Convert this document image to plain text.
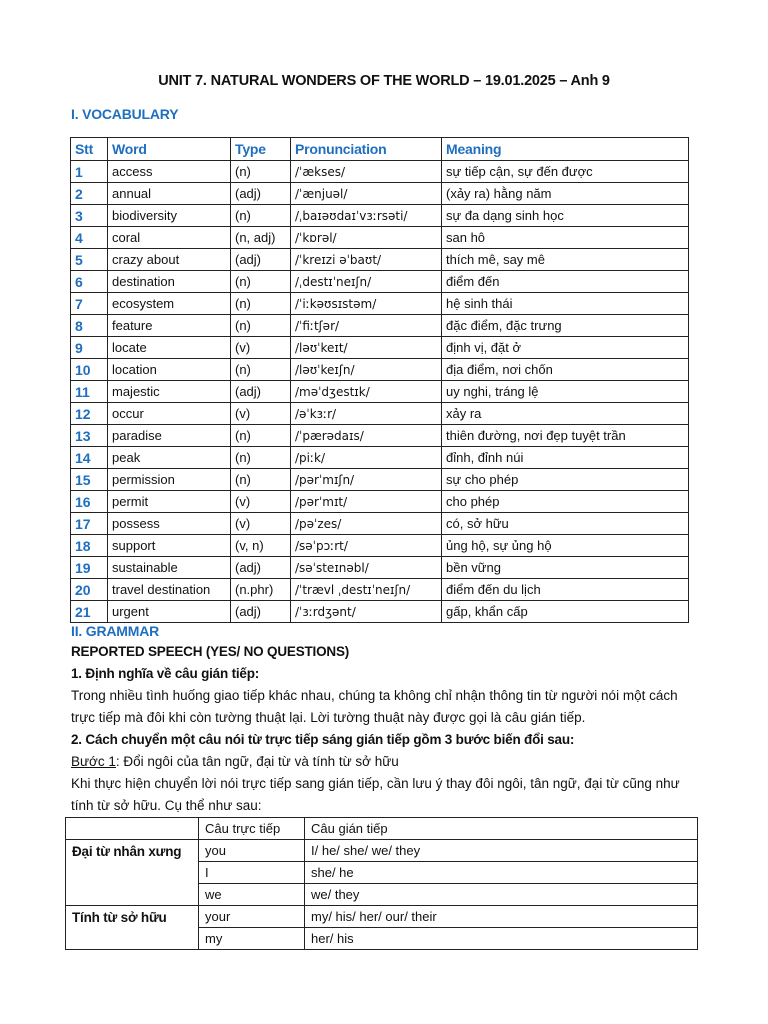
UNIT 7. NATURAL WONDERS OF THE WORLD – 19.01.2025 – Anh 9
I. VOCABULARY
Stt	Word	Type	Pronunciation	Meaning
1	access	(n)	/ˈækses/	sự tiếp cận, sự đến được
2	annual	(adj)	/ˈænjuəl/	(xảy ra) hằng năm
3	biodiversity	(n)	/ˌbaɪəʊdaɪˈvɜːrsəti/	sự đa dạng sinh học
4	coral	(n, adj)	/ˈkɒrəl/	san hô
5	crazy about	(adj)	/ˈkreɪzi əˈbaʊt/	thích mê, say mê
6	destination	(n)	/ˌdestɪˈneɪʃn/	điểm đến
7	ecosystem	(n)	/ˈiːkəʊsɪstəm/	hệ sinh thái
8	feature	(n)	/ˈfiːtʃər/	đặc điểm, đặc trưng
9	locate	(v)	/ləʊˈkeɪt/	định vị, đặt ở
10	location	(n)	/ləʊˈkeɪʃn/	địa điểm, nơi chốn
11	majestic	(adj)	/məˈdʒestɪk/	uy nghi, tráng lệ
12	occur	(v)	/əˈkɜːr/	xảy ra
13	paradise	(n)	/ˈpærədaɪs/	thiên đường, nơi đẹp tuyệt trần
14	peak	(n)	/piːk/	đỉnh, đỉnh núi
15	permission	(n)	/pərˈmɪʃn/	sự cho phép
16	permit	(v)	/pərˈmɪt/	cho phép
17	possess	(v)	/pəˈzes/	có, sở hữu
18	support	(v, n)	/səˈpɔːrt/	ủng hộ, sự ủng hộ
19	sustainable	(adj)	/səˈsteɪnəbl/	bền vững
20	travel destination	(n.phr)	/ˈtrævl ˌdestɪˈneɪʃn/	điểm đến du lịch
21	urgent	(adj)	/ˈɜːrdʒənt/	gấp, khẩn cấp
II. GRAMMAR
REPORTED SPEECH (YES/ NO QUESTIONS)
1. Định nghĩa về câu gián tiếp:
Trong nhiều tình huống giao tiếp khác nhau, chúng ta không chỉ nhận thông tin từ người nói một cách
trực tiếp mà đôi khi còn tường thuật lại. Lời tường thuật này được gọi là câu gián tiếp.
2. Cách chuyển một câu nói từ trực tiếp sáng gián tiếp gồm 3 bước biến đổi sau:
Bước 1: Đổi ngôi của tân ngữ, đại từ và tính từ sở hữu
Khi thực hiện chuyển lời nói trực tiếp sang gián tiếp, cần lưu ý thay đôi ngôi, tân ngữ, đại từ cũng như
tính từ sở hữu. Cụ thể như sau:
	Câu trực tiếp	Câu gián tiếp
Đại từ nhân xưng	you	I/ he/ she/ we/ they
	I	she/ he
	we	we/ they
Tính từ sở hữu	your	my/ his/ her/ our/ their
	my	her/ his
